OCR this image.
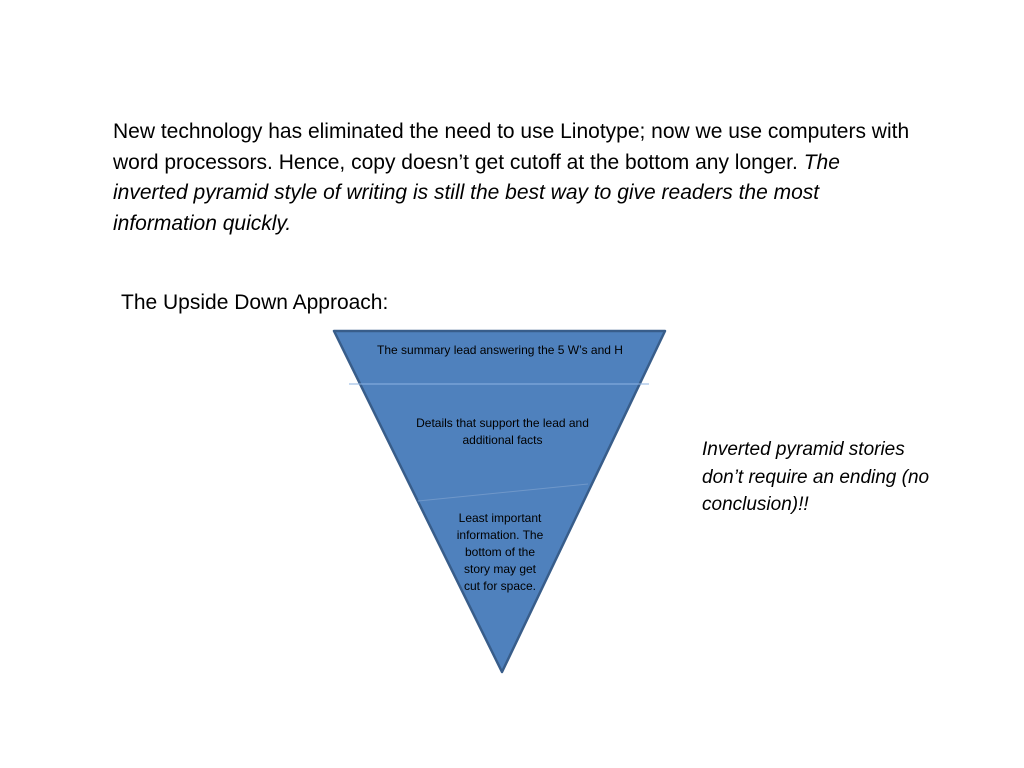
New technology has eliminated the need to use Linotype; now we use computers with word processors. Hence, copy doesn’t get cutoff at the bottom any longer. The inverted pyramid style of writing is still the best way to give readers the most information quickly.

The Upside Down Approach:

The summary lead answering the 5 W’s and H

Details that support the lead and additional facts

Least important information. The bottom of the story may get cut for space.

Inverted pyramid stories don’t require an ending (no conclusion)!!
